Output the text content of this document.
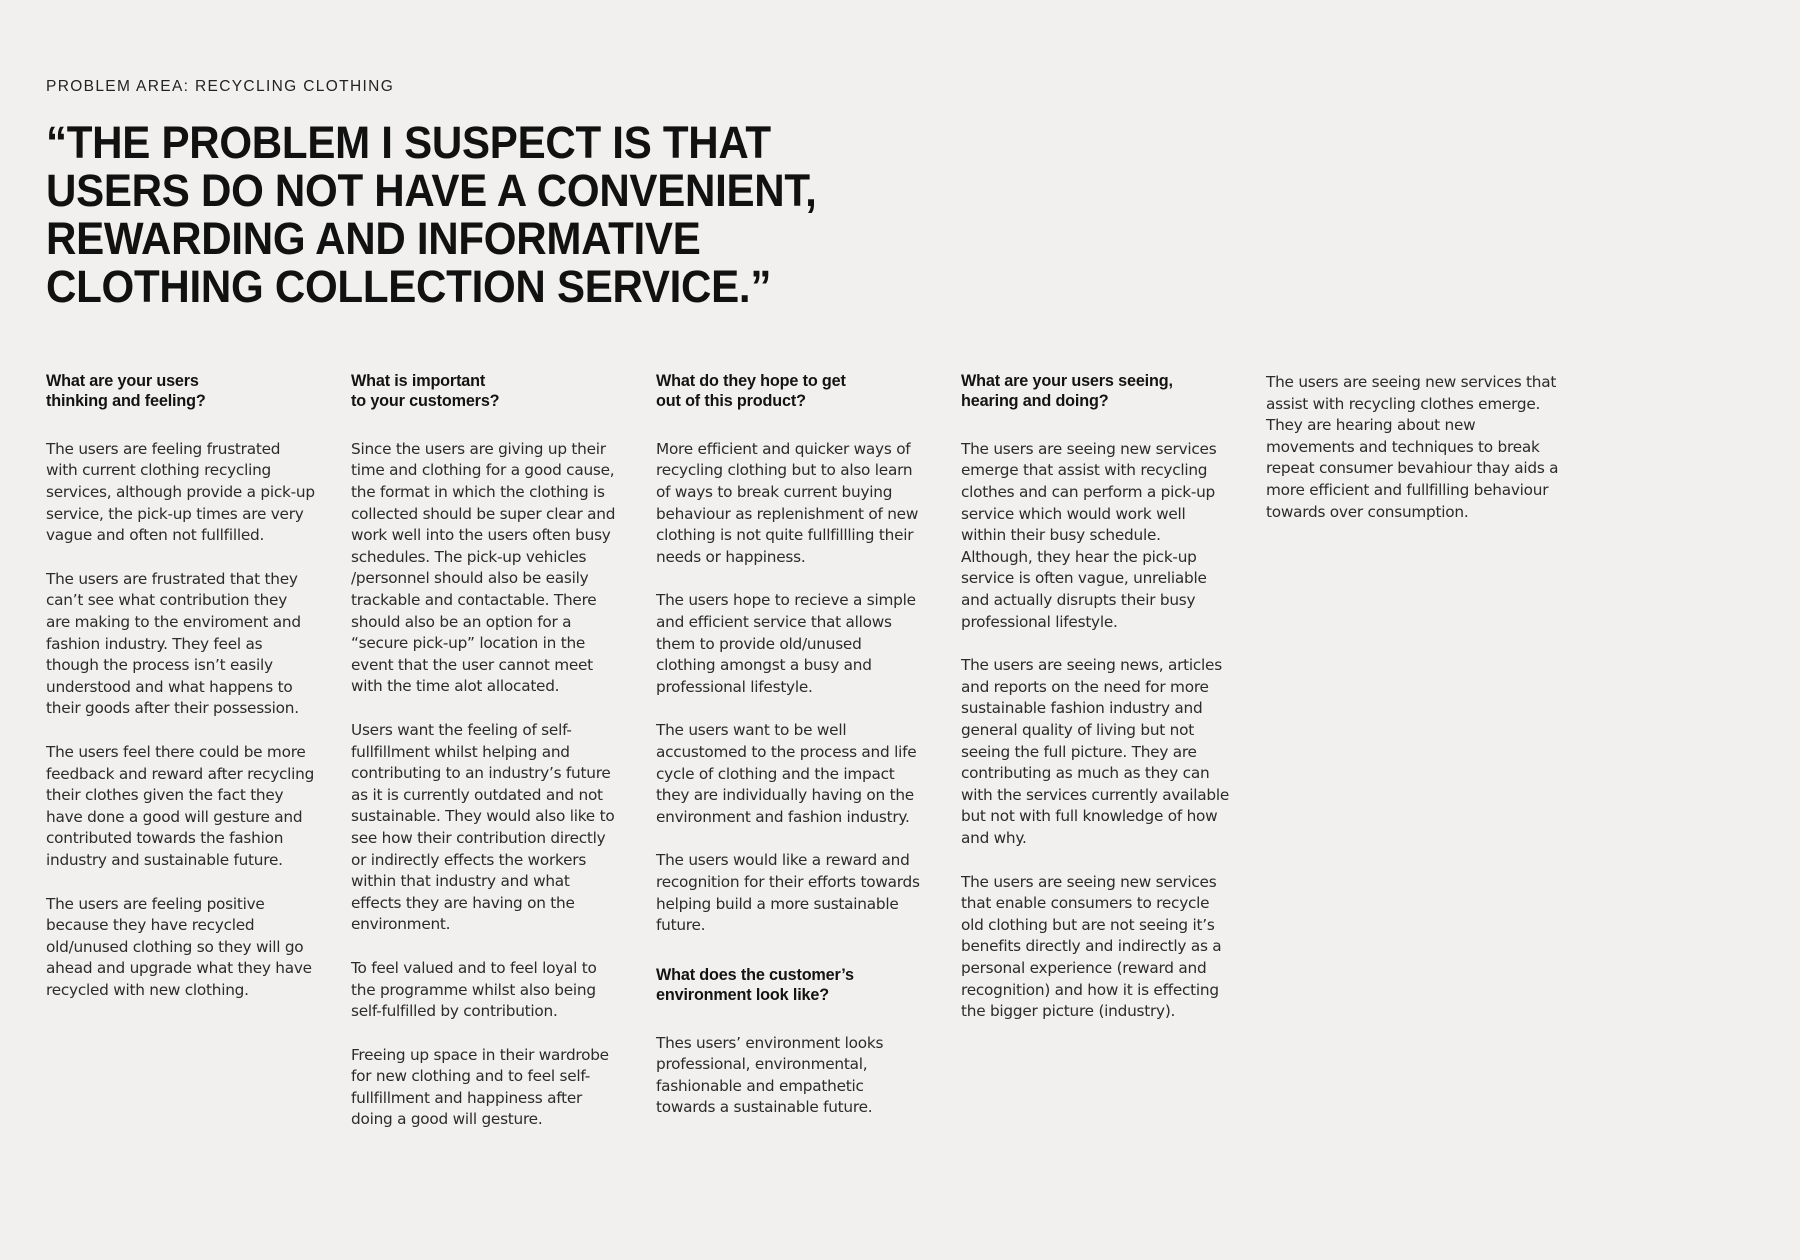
PROBLEM AREA: RECYCLING CLOTHING
“THE PROBLEM I SUSPECT IS THAT
USERS DO NOT HAVE A CONVENIENT,
REWARDING AND INFORMATIVE
CLOTHING COLLECTION SERVICE.”
What are your users
thinking and feeling?

The users are feeling frustrated with current clothing recycling services, although provide a pick-up service, the pick-up times are very vague and often not fullfilled.

The users are frustrated that they can’t see what contribution they are making to the enviroment and fashion industry. They feel as though the process isn’t easily understood and what happens to their goods after their possession.

The users feel there could be more feedback and reward after recycling their clothes given the fact they have done a good will gesture and contributed towards the fashion industry and sustainable future.

The users are feeling positive because they have recycled old/unused clothing so they will go ahead and upgrade what they have recycled with new clothing.

What is important
to your customers?

Since the users are giving up their time and clothing for a good cause, the format in which the clothing is collected should be super clear and work well into the users often busy schedules. The pick-up vehicles /personnel should also be easily trackable and contactable. There should also be an option for a “secure pick-up” location in the event that the user cannot meet with the time alot allocated.

Users want the feeling of self-fullfillment whilst helping and contributing to an industry’s future as it is currently outdated and not sustainable. They would also like to see how their contribution directly or indirectly effects the workers within that industry and what effects they are having on the environment.

To feel valued and to feel loyal to the programme whilst also being self-fulfilled by contribution.

Freeing up space in their wardrobe for new clothing and to feel self-fullfillment and happiness after doing a good will gesture.

What do they hope to get
out of this product?

More efficient and quicker ways of recycling clothing but to also learn of ways to break current buying behaviour as replenishment of new clothing is not quite fullfillling their needs or happiness.

The users hope to recieve a simple and efficient service that allows them to provide old/unused clothing amongst a busy and professional lifestyle.

The users want to be well accustomed to the process and life cycle of clothing and the impact they are individually having on the environment and fashion industry.

The users would like a reward and recognition for their efforts towards helping build a more sustainable future.

What does the customer’s
environment look like?

Thes users’ environment looks professional, environmental, fashionable and empathetic towards a sustainable future.

What are your users seeing,
hearing and doing?

The users are seeing new services emerge that assist with recycling clothes and can perform a pick-up service which would work well within their busy schedule. Although, they hear the pick-up service is often vague, unreliable and actually disrupts their busy professional lifestyle.

The users are seeing news, articles and reports on the need for more sustainable fashion industry and general quality of living but not seeing the full picture. They are contributing as much as they can with the services currently available but not with full knowledge of how and why.

The users are seeing new services that enable consumers to recycle old clothing but are not seeing it’s benefits directly and indirectly as a personal experience (reward and recognition) and how it is effecting the bigger picture (industry).

The users are seeing new services that assist with recycling clothes emerge. They are hearing about new movements and techniques to break repeat consumer bevahiour thay aids a more efficient and fullfilling behaviour towards over consumption.
